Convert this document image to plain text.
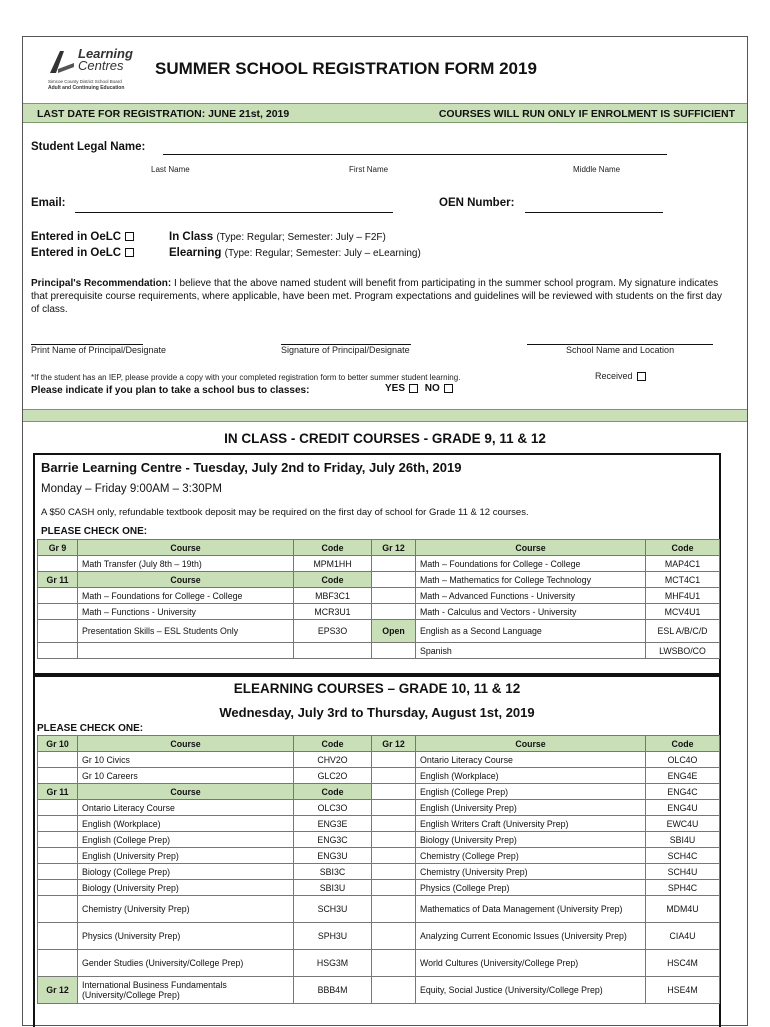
Learning
Centres
Simcoe County District School Board
Adult and Continuing Education
SUMMER SCHOOL REGISTRATION FORM 2019
LAST DATE FOR REGISTRATION: JUNE 21st, 2019	COURSES WILL RUN ONLY IF ENROLMENT IS SUFFICIENT
Student Legal Name:
Last Name	First Name	Middle Name
Email:	OEN Number:
Entered in OeLC	In Class (Type: Regular; Semester: July – F2F)
Entered in OeLC	Elearning (Type: Regular; Semester: July – eLearning)
Principal's Recommendation: I believe that the above named student will benefit from participating in the summer school program. My signature indicates that prerequisite course requirements, where applicable, have been met. Program expectations and guidelines will be reviewed with students on the first day of class.
Print Name of Principal/Designate	Signature of Principal/Designate	School Name and Location
*If the student has an IEP, please provide a copy with your completed registration form to better summer student learning.	Received
Please indicate if you plan to take a school bus to classes:	YES NO
IN CLASS - CREDIT COURSES - GRADE 9, 11 & 12
Barrie Learning Centre - Tuesday, July 2nd to Friday, July 26th, 2019
Monday – Friday 9:00AM – 3:30PM
A $50 CASH only, refundable textbook deposit may be required on the first day of school for Grade 11 & 12 courses.
PLEASE CHECK ONE:
Gr 9	Course	Code	Gr 12	Course	Code
	Math Transfer (July 8th – 19th)	MPM1HH		Math – Foundations for College - College	MAP4C1
Gr 11	Course	Code		Math – Mathematics for College Technology	MCT4C1
	Math – Foundations for College - College	MBF3C1		Math – Advanced Functions - University	MHF4U1
	Math – Functions - University	MCR3U1		Math - Calculus and Vectors - University	MCV4U1
	Presentation Skills – ESL Students Only	EPS3O	Open	English as a Second Language	ESL A/B/C/D
				Spanish	LWSBO/CO
ELEARNING COURSES – GRADE 10, 11 & 12
Wednesday, July 3rd to Thursday, August 1st, 2019
PLEASE CHECK ONE:
Gr 10	Course	Code	Gr 12	Course	Code
	Gr 10 Civics	CHV2O		Ontario Literacy Course	OLC4O
	Gr 10 Careers	GLC2O		English (Workplace)	ENG4E
Gr 11	Course	Code		English (College Prep)	ENG4C
	Ontario Literacy Course	OLC3O		English (University Prep)	ENG4U
	English (Workplace)	ENG3E		English Writers Craft (University Prep)	EWC4U
	English (College Prep)	ENG3C		Biology (University Prep)	SBI4U
	English (University Prep)	ENG3U		Chemistry (College Prep)	SCH4C
	Biology (College Prep)	SBI3C		Chemistry (University Prep)	SCH4U
	Biology (University Prep)	SBI3U		Physics (College Prep)	SPH4C
	Chemistry (University Prep)	SCH3U		Mathematics of Data Management (University Prep)	MDM4U
	Physics (University Prep)	SPH3U		Analyzing Current Economic Issues (University Prep)	CIA4U
	Gender Studies (University/College Prep)	HSG3M		World Cultures (University/College Prep)	HSC4M
Gr 12	International Business Fundamentals (University/College Prep)	BBB4M		Equity, Social Justice (University/College Prep)	HSE4M
